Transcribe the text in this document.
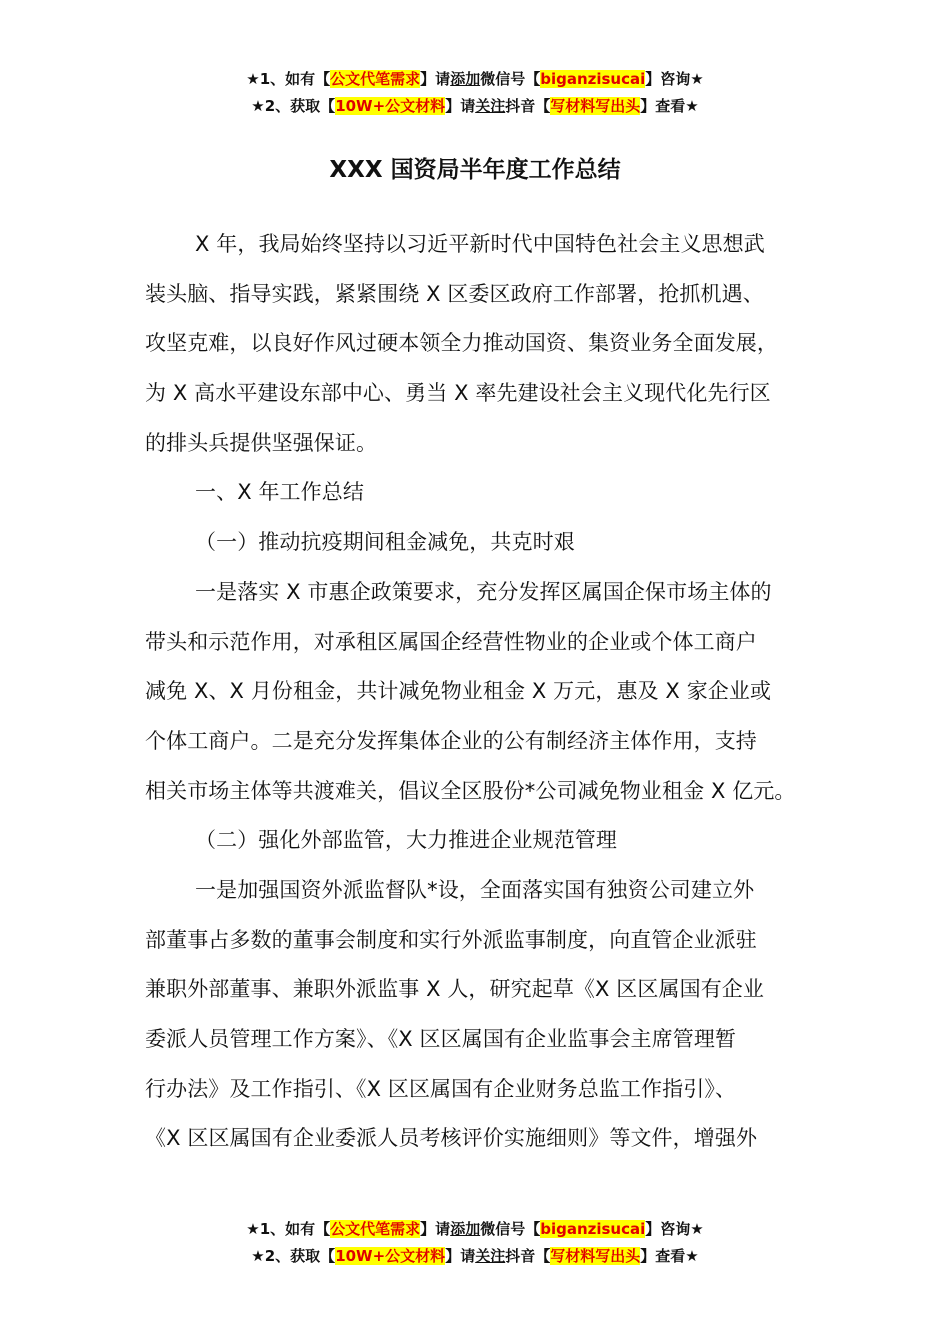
★1、如有【公文代笔需求】请添加微信号【biganzisucai】咨询★
★2、获取【10W+公文材料】请关注抖音【写材料写出头】查看★
XXX 国资局半年度工作总结
X 年，我局始终坚持以习近平新时代中国特色社会主义思想武
装头脑、指导实践，紧紧围绕 X 区委区政府工作部署，抢抓机遇、
攻坚克难，以良好作风过硬本领全力推动国资、集资业务全面发展，
为 X 高水平建设东部中心、勇当 X 率先建设社会主义现代化先行区
的排头兵提供坚强保证。
一、X 年工作总结
（一）推动抗疫期间租金减免，共克时艰
一是落实 X 市惠企政策要求，充分发挥区属国企保市场主体的
带头和示范作用，对承租区属国企经营性物业的企业或个体工商户
减免 X、X 月份租金，共计减免物业租金 X 万元，惠及 X 家企业或
个体工商户。二是充分发挥集体企业的公有制经济主体作用，支持
相关市场主体等共渡难关，倡议全区股份*公司减免物业租金 X 亿元。
（二）强化外部监管，大力推进企业规范管理
一是加强国资外派监督队*设，全面落实国有独资公司建立外
部董事占多数的董事会制度和实行外派监事制度，向直管企业派驻
兼职外部董事、兼职外派监事 X 人，研究起草《X 区区属国有企业
委派人员管理工作方案》、《X 区区属国有企业监事会主席管理暂
行办法》及工作指引、《X 区区属国有企业财务总监工作指引》、
《X 区区属国有企业委派人员考核评价实施细则》等文件，增强外
★1、如有【公文代笔需求】请添加微信号【biganzisucai】咨询★
★2、获取【10W+公文材料】请关注抖音【写材料写出头】查看★
